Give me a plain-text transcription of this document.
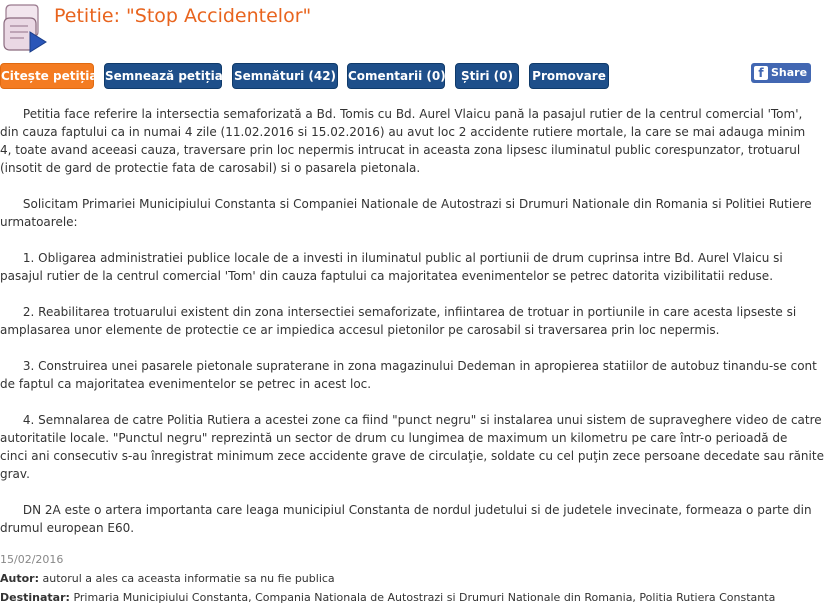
Petitie: "Stop Accidentelor"
Citește petiția Semnează petiția Semnături (42) Comentarii (0)	Știri (0)	Promovare	f Share
Petitia face referire la intersectia semaforizată a Bd. Tomis cu Bd. Aurel Vlaicu pană la pasajul rutier de la centrul comercial 'Tom',
din cauza faptului ca in numai 4 zile (11.02.2016 si 15.02.2016) au avut loc 2 accidente rutiere mortale, la care se mai adauga minim
4, toate avand aceeasi cauza, traversare prin loc nepermis intrucat in aceasta zona lipsesc iluminatul public corespunzator, trotuarul
(insotit de gard de protectie fata de carosabil) si o pasarela pietonala.
Solicitam Primariei Municipiului Constanta si Companiei Nationale de Autostrazi si Drumuri Nationale din Romania si Politiei Rutiere
urmatoarele:
1. Obligarea administratiei publice locale de a investi in iluminatul public al portiunii de drum cuprinsa intre Bd. Aurel Vlaicu si
pasajul rutier de la centrul comercial 'Tom' din cauza faptului ca majoritatea evenimentelor se petrec datorita vizibilitatii reduse.
2. Reabilitarea trotuarului existent din zona intersectiei semaforizate, infiintarea de trotuar in portiunile in care acesta lipseste si
amplasarea unor elemente de protectie ce ar impiedica accesul pietonilor pe carosabil si traversarea prin loc nepermis.
3. Construirea unei pasarele pietonale supraterane in zona magazinului Dedeman in apropierea statiilor de autobuz tinandu-se cont
de faptul ca majoritatea evenimentelor se petrec in acest loc.
4. Semnalarea de catre Politia Rutiera a acestei zone ca fiind "punct negru" si instalarea unui sistem de supraveghere video de catre
autoritatile locale. "Punctul negru" reprezintă un sector de drum cu lungimea de maximum un kilometru pe care într-o perioadă de
cinci ani consecutiv s-au înregistrat minimum zece accidente grave de circulaţie, soldate cu cel puţin zece persoane decedate sau rănite
grav.
DN 2A este o artera importanta care leaga municipiul Constanta de nordul judetului si de judetele invecinate, formeaza o parte din
drumul european E60.
15/02/2016
Autor: autorul a ales ca aceasta informatie sa nu fie publica
Destinatar: Primaria Municipiului Constanta, Compania Nationala de Autostrazi si Drumuri Nationale din Romania, Politia Rutiera Constanta
